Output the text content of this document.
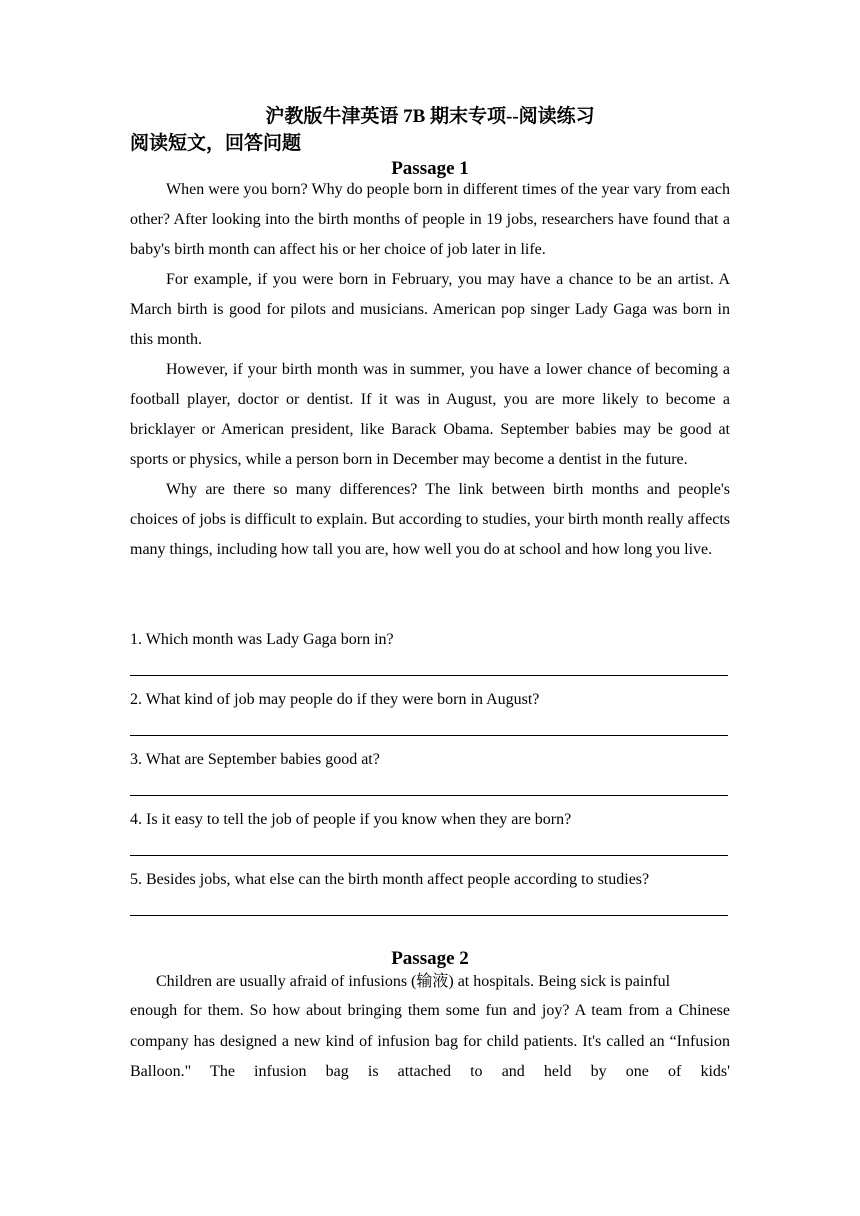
沪教版牛津英语 7B 期末专项--阅读练习
阅读短文，回答问题
Passage 1

When were you born? Why do people born in different times of the year vary from each other? After looking into the birth months of people in 19 jobs, researchers have found that a baby's birth month can affect his or her choice of job later in life.

For example, if you were born in February, you may have a chance to be an artist. A March birth is good for pilots and musicians. American pop singer Lady Gaga was born in this month.

However, if your birth month was in summer, you have a lower chance of becoming a football player, doctor or dentist. If it was in August, you are more likely to become a bricklayer or American president, like Barack Obama. September babies may be good at sports or physics, while a person born in December may become a dentist in the future.

Why are there so many differences? The link between birth months and people's choices of jobs is difficult to explain. But according to studies, your birth month really affects many things, including how tall you are, how well you do at school and how long you live.

1. Which month was Lady Gaga born in?
2. What kind of job may people do if they were born in August?
3. What are September babies good at?
4. Is it easy to tell the job of people if you know when they are born?
5. Besides jobs, what else can the birth month affect people according to studies?
Passage 2

Children are usually afraid of infusions (输液) at hospitals. Being sick is painful

enough for them. So how about bringing them some fun and joy? A team from a Chinese company has designed a new kind of infusion bag for child patients. It's called an “Infusion Balloon." The infusion bag is attached to and held by one of kids'
